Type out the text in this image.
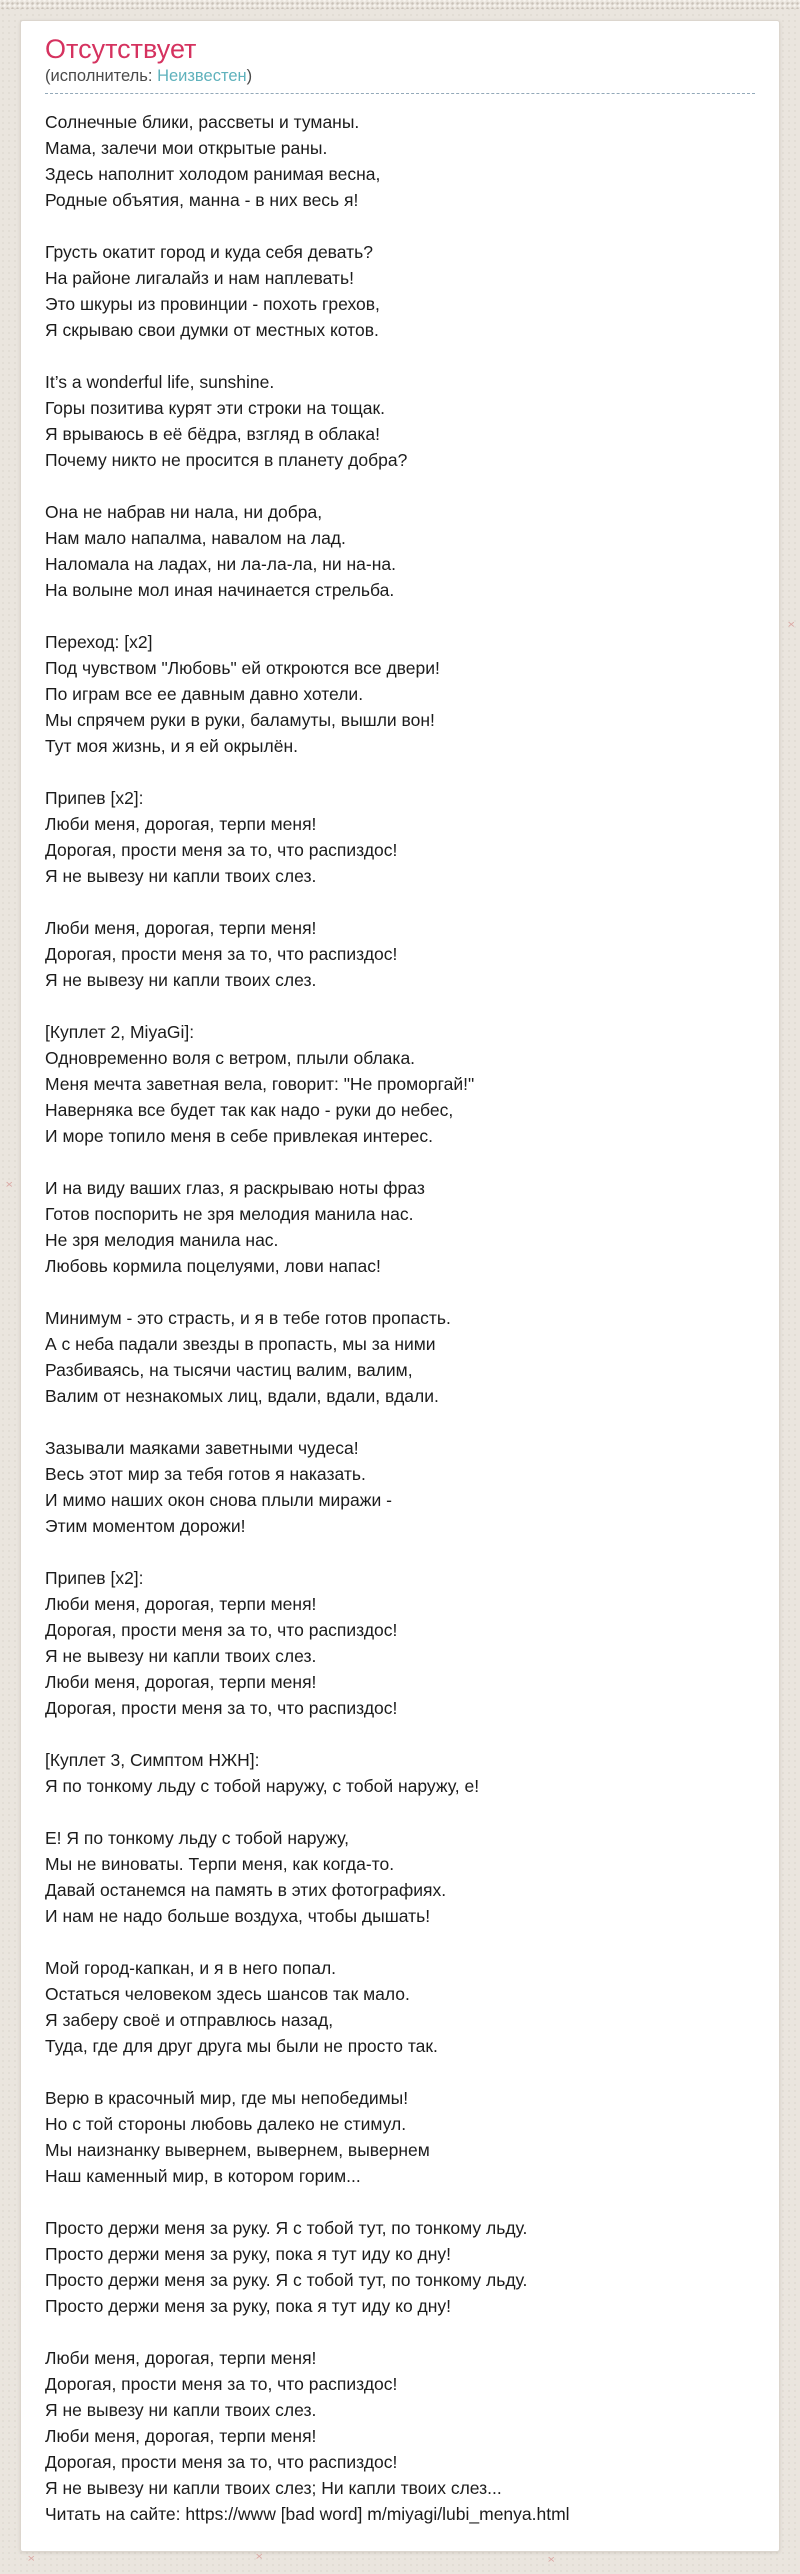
Отсутствует
(исполнитель: Неизвестен)
Солнечные блики, рассветы и туманы.
Мама, залечи мои открытые раны.
Здесь наполнит холодом ранимая весна,
Родные объятия, манна - в них весь я!
Грусть окатит город и куда себя девать?
На районе лигалайз и нам наплевать!
Это шкуры из провинции - похоть грехов,
Я скрываю свои думки от местных котов.
It’s a wonderful life, sunshine.
Горы позитива курят эти строки на тощак.
Я врываюсь в её бёдра, взгляд в облака!
Почему никто не просится в планету добра?
Она не набрав ни нала, ни добра,
Нам мало напалма, навалом на лад.
Наломала на ладах, ни ла-ла-ла, ни на-на.
На волыне мол иная начинается стрельба.
Переход: [x2]
Под чувством "Любовь" ей откроются все двери!
По играм все ее давным давно хотели.
Мы спрячем руки в руки, баламуты, вышли вон!
Тут моя жизнь, и я ей окрылён.
Припев [x2]:
Люби меня, дорогая, терпи меня!
Дорогая, прости меня за то, что распиздос!
Я не вывезу ни капли твоих слез.
Люби меня, дорогая, терпи меня!
Дорогая, прости меня за то, что распиздос!
Я не вывезу ни капли твоих слез.
[Куплет 2, MiyaGi]:
Одновременно воля с ветром, плыли облака.
Меня мечта заветная вела, говорит: "Не проморгай!"
Наверняка все будет так как надо - руки до небес,
И море топило меня в себе привлекая интерес.
И на виду ваших глаз, я раскрываю ноты фраз
Готов поспорить не зря мелодия манила нас.
Не зря мелодия манила нас.
Любовь кормила поцелуями, лови напас!
Минимум - это страсть, и я в тебе готов пропасть.
А с неба падали звезды в пропасть, мы за ними
Разбиваясь, на тысячи частиц валим, валим,
Валим от незнакомых лиц, вдали, вдали, вдали.
Зазывали маяками заветными чудеса!
Весь этот мир за тебя готов я наказать.
И мимо наших окон снова плыли миражи -
Этим моментом дорожи!
Припев [x2]:
Люби меня, дорогая, терпи меня!
Дорогая, прости меня за то, что распиздос!
Я не вывезу ни капли твоих слез.
Люби меня, дорогая, терпи меня!
Дорогая, прости меня за то, что распиздос!
[Куплет 3, Симптом НЖН]:
Я по тонкому льду с тобой наружу, с тобой наружу, е!
Е! Я по тонкому льду с тобой наружу,
Мы не виноваты. Терпи меня, как когда-то.
Давай останемся на память в этих фотографиях.
И нам не надо больше воздуха, чтобы дышать!
Мой город-капкан, и я в него попал.
Остаться человеком здесь шансов так мало.
Я заберу своё и отправлюсь назад,
Туда, где для друг друга мы были не просто так.
Верю в красочный мир, где мы непобедимы!
Но с той стороны любовь далеко не стимул.
Мы наизнанку вывернем, вывернем, вывернем
Наш каменный мир, в котором горим...
Просто держи меня за руку. Я с тобой тут, по тонкому льду.
Просто держи меня за руку, пока я тут иду ко дну!
Просто держи меня за руку. Я с тобой тут, по тонкому льду.
Просто держи меня за руку, пока я тут иду ко дну!
Люби меня, дорогая, терпи меня!
Дорогая, прости меня за то, что распиздос!
Я не вывезу ни капли твоих слез.
Люби меня, дорогая, терпи меня!
Дорогая, прости меня за то, что распиздос!
Я не вывезу ни капли твоих слез; Ни капли твоих слез...
Читать на сайте: https://www [bad word] m/miyagi/lubi_menya.html
×	×	×
×
×
